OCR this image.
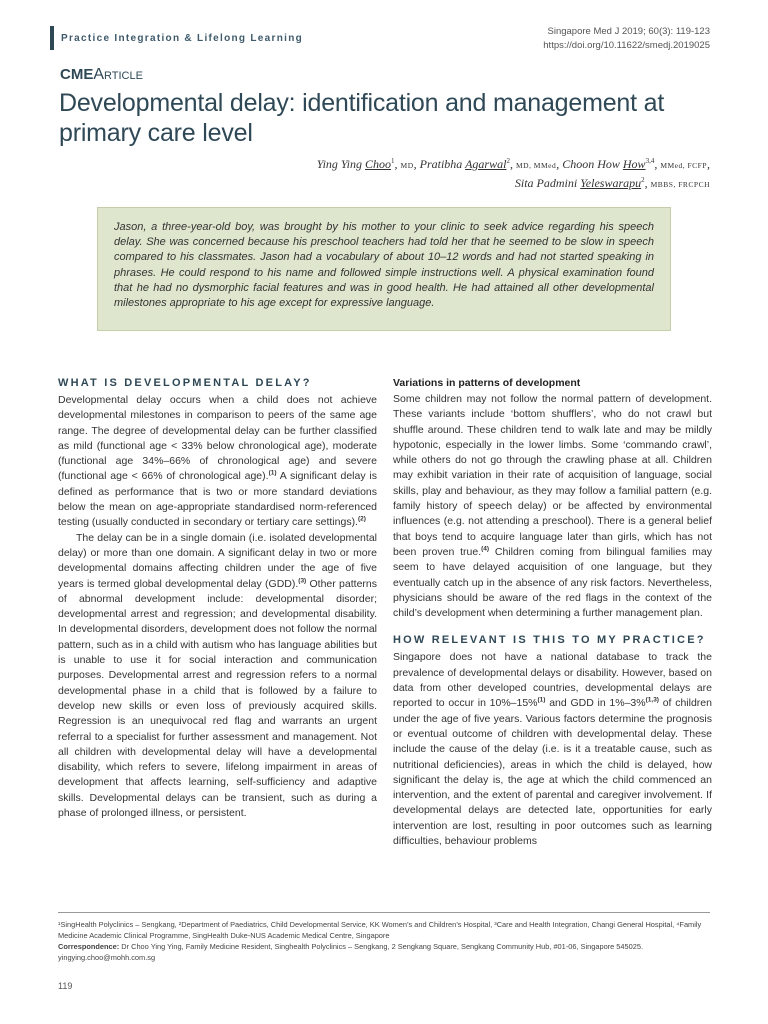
Practice Integration & Lifelong Learning
Singapore Med J 2019; 60(3): 119-123
https://doi.org/10.11622/smedj.2019025
CMEArticle
Developmental delay: identification and management at primary care level
Ying Ying Choo$^1$, MD, Pratibha Agarwal$^2$, MD, MMed, Choon How How$^{3,4}$, MMed, FCFP,
Sita Padmini Yeleswarapu$^2$, MBBS, FRCPCH
Jason, a three-year-old boy, was brought by his mother to your clinic to seek advice regarding his speech delay. She was concerned because his preschool teachers had told her that he seemed to be slow in speech compared to his classmates. Jason had a vocabulary of about 10–12 words and had not started speaking in phrases. He could respond to his name and followed simple instructions well. A physical examination found that he had no dysmorphic facial features and was in good health. He had attained all other developmental milestones appropriate to his age except for expressive language.
WHAT IS DEVELOPMENTAL DELAY?

Developmental delay occurs when a child does not achieve developmental milestones in comparison to peers of the same age range. The degree of developmental delay can be further classified as mild (functional age < 33% below chronological age), moderate (functional age 34%–66% of chronological age) and severe (functional age < 66% of chronological age).$^{(1)}$ A significant delay is defined as performance that is two or more standard deviations below the mean on age-appropriate standardised norm-referenced testing (usually conducted in secondary or tertiary care settings).$^{(2)}$

The delay can be in a single domain (i.e. isolated developmental delay) or more than one domain. A significant delay in two or more developmental domains affecting children under the age of five years is termed global developmental delay (GDD).$^{(3)}$ Other patterns of abnormal development include: developmental disorder; developmental arrest and regression; and developmental disability. In developmental disorders, development does not follow the normal pattern, such as in a child with autism who has language abilities but is unable to use it for social interaction and communication purposes. Developmental arrest and regression refers to a normal developmental phase in a child that is followed by a failure to develop new skills or even loss of previously acquired skills. Regression is an unequivocal red flag and warrants an urgent referral to a specialist for further assessment and management. Not all children with developmental delay will have a developmental disability, which refers to severe, lifelong impairment in areas of development that affects learning, self-sufficiency and adaptive skills. Developmental delays can be transient, such as during a phase of prolonged illness, or persistent.

Variations in patterns of development

Some children may not follow the normal pattern of development. These variants include ‘bottom shufflers’, who do not crawl but shuffle around. These children tend to walk late and may be mildly hypotonic, especially in the lower limbs. Some ‘commando crawl’, while others do not go through the crawling phase at all. Children may exhibit variation in their rate of acquisition of language, social skills, play and behaviour, as they may follow a familial pattern (e.g. family history of speech delay) or be affected by environmental influences (e.g. not attending a preschool). There is a general belief that boys tend to acquire language later than girls, which has not been proven true.$^{(4)}$ Children coming from bilingual families may seem to have delayed acquisition of one language, but they eventually catch up in the absence of any risk factors. Nevertheless, physicians should be aware of the red flags in the context of the child’s development when determining a further management plan.

HOW RELEVANT IS THIS TO MY PRACTICE?

Singapore does not have a national database to track the prevalence of developmental delays or disability. However, based on data from other developed countries, developmental delays are reported to occur in 10%–15%$^{(1)}$ and GDD in 1%–3%$^{(1,3)}$ of children under the age of five years. Various factors determine the prognosis or eventual outcome of children with developmental delay. These include the cause of the delay (i.e. is it a treatable cause, such as nutritional deficiencies), areas in which the child is delayed, how significant the delay is, the age at which the child commenced an intervention, and the extent of parental and caregiver involvement. If developmental delays are detected late, opportunities for early intervention are lost, resulting in poor outcomes such as learning difficulties, behaviour problems

¹SingHealth Polyclinics – Sengkang, ²Department of Paediatrics, Child Developmental Service, KK Women’s and Children’s Hospital, ³Care and Health Integration, Changi General Hospital, ⁴Family Medicine Academic Clinical Programme, SingHealth Duke-NUS Academic Medical Centre, Singapore

Correspondence: Dr Choo Ying Ying, Family Medicine Resident, Singhealth Polyclinics – Sengkang, 2 Sengkang Square, Sengkang Community Hub, #01-06, Singapore 545025. yingying.choo@mohh.com.sg

119
